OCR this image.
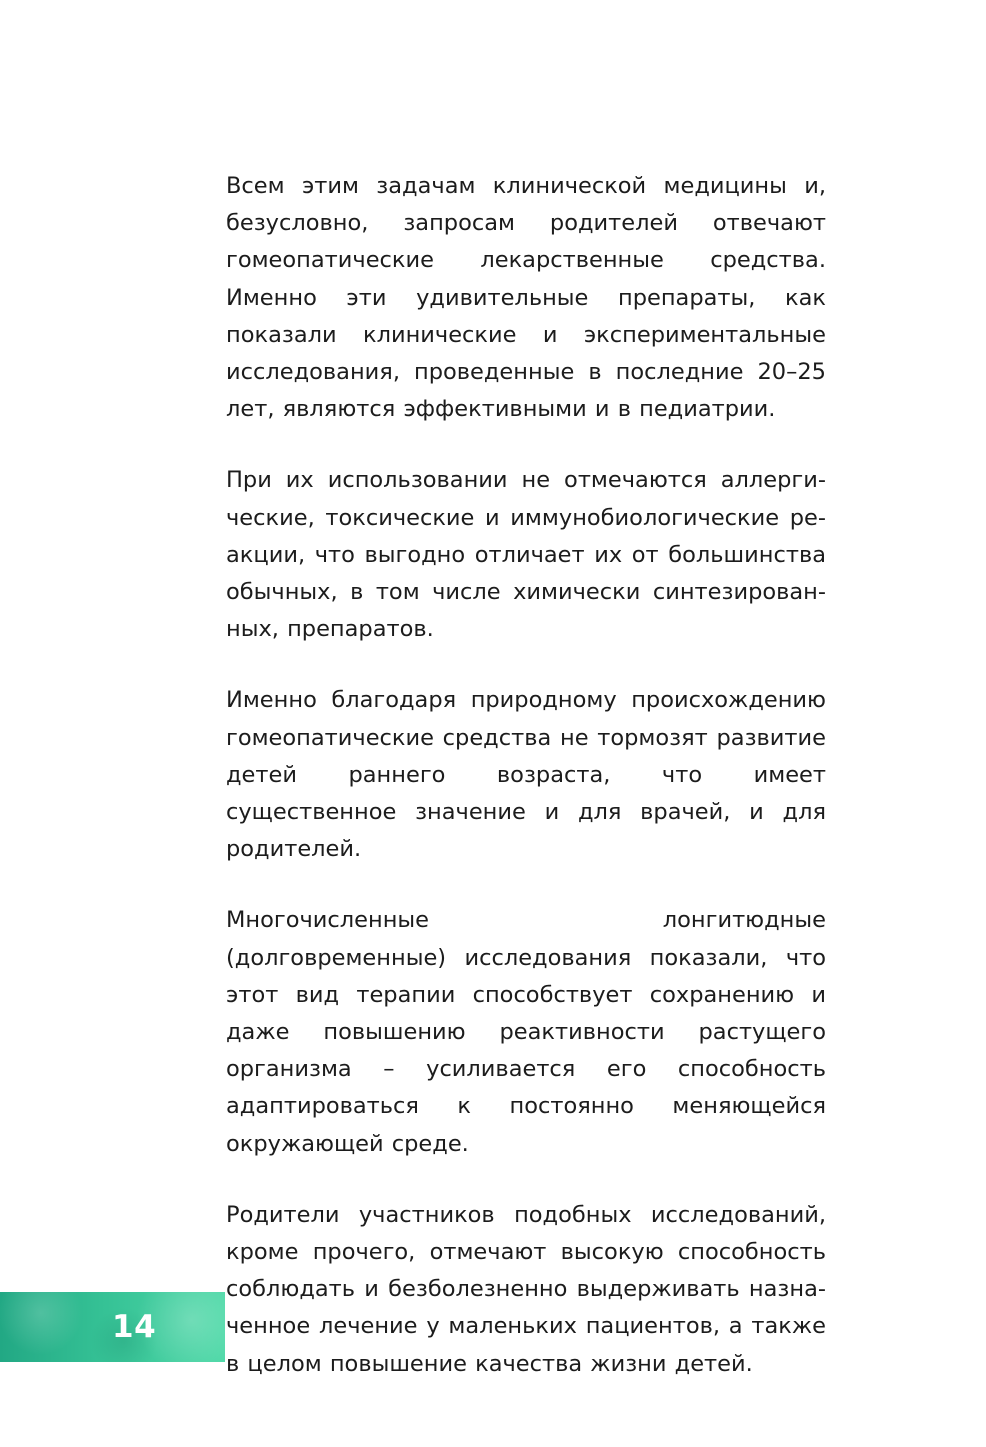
Всем этим задачам клинической медицины и, безусловно, запросам родителей отвечают гомеопатические лекарственные средства. Именно эти удивительные препараты, как показали клинические и экспериментальные исследования, проведенные в последние 20–25 лет, являются эффективными и в педиатрии.

При их использовании не отмечаются аллергические, токсические и иммунобиологические реакции, что выгодно отличает их от большинства обычных, в том числе химически синтезированных, препаратов.

Именно благодаря природному происхождению гомеопатические средства не тормозят развитие детей раннего возраста, что имеет существенное значение и для врачей, и для родителей.

Многочисленные лонгитюдные (долговременные) исследования показали, что этот вид терапии способствует сохранению и даже повышению реактивности растущего организма – усиливается его способность адаптироваться к постоянно меняющейся окружающей среде.

Родители участников подобных исследований, кроме прочего, отмечают высокую способность соблюдать и безболезненно выдерживать назначенное лечение у маленьких пациентов, а также в целом повышение качества жизни детей.

14
